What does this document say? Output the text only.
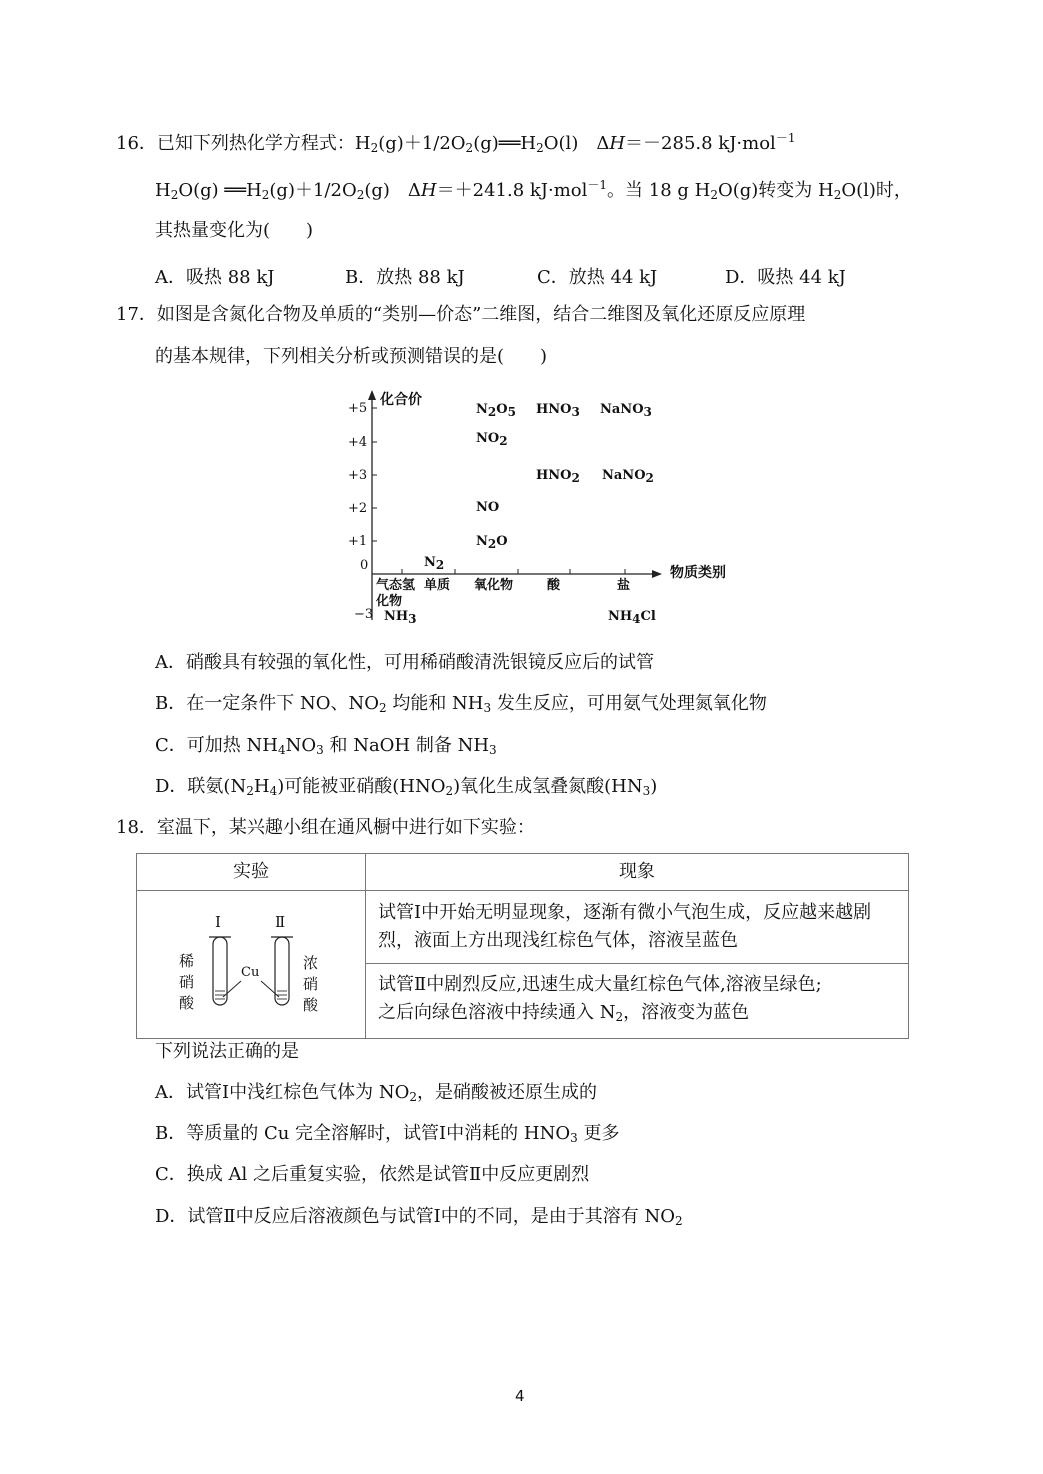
16．已知下列热化学方程式：$H_2(g)+1/2O_2(g)══H_2O(l)$　ΔH＝－285.8 kJ·mol$^{-1}$
$H_2O(g)$ $══H_2(g)+1/2O_2(g)$　ΔH＝＋241.8 kJ·mol$^{-1}$。当 18 g $H_2O(g)$转变为 $H_2O(l)$时，
其热量变化为(　　)
A．吸热 88 kJ	B．放热 88 kJ	C．放热 44 kJ	D．吸热 44 kJ
17．如图是含氮化合物及单质的“类别—价态”二维图，结合二维图及氧化还原反应原理
的基本规律，下列相关分析或预测错误的是(　　)
化合价
物质类别
+5
+4
+3
+2
+1
0
−3
气态氢
化物
单质 氧化物	酸	盐
$N_2O_5$ $HNO_3$ NaNO$_3$
$NO_2$
$HNO_2$ NaNO$_2$
NO
$N_2O$
$N_2$
$NH_3$	$NH_4Cl$
A．硝酸具有较强的氧化性，可用稀硝酸清洗银镜反应后的试管
B．在一定条件下 NO、$NO_2$ 均能和 $NH_3$ 发生反应，可用氨气处理氮氧化物
C．可加热 $NH_4NO_3$ 和 NaOH 制备 $NH_3$
D．联氨$(N_2H_4)$可能被亚硝酸$(HNO_2)$氧化生成氢叠氮酸$(HN_3)$
18．室温下，某兴趣小组在通风橱中进行如下实验：
实验	现象

Ⅰ Ⅱ
Cu
稀硝酸
浓硝酸	试管Ⅰ中开始无明显现象，逐渐有微小气泡生成，反应越来越剧烈，液面上方出现浅红棕色气体，溶液呈蓝色
	试管Ⅱ中剧烈反应,迅速生成大量红棕色气体,溶液呈绿色;
之后向绿色溶液中持续通入 $N_2$，溶液变为蓝色
下列说法正确的是
A．试管Ⅰ中浅红棕色气体为 $NO_2$，是硝酸被还原生成的
B．等质量的 Cu 完全溶解时，试管Ⅰ中消耗的 $HNO_3$ 更多
C．换成 Al 之后重复实验，依然是试管Ⅱ中反应更剧烈
D．试管Ⅱ中反应后溶液颜色与试管Ⅰ中的不同，是由于其溶有 $NO_2$
4
